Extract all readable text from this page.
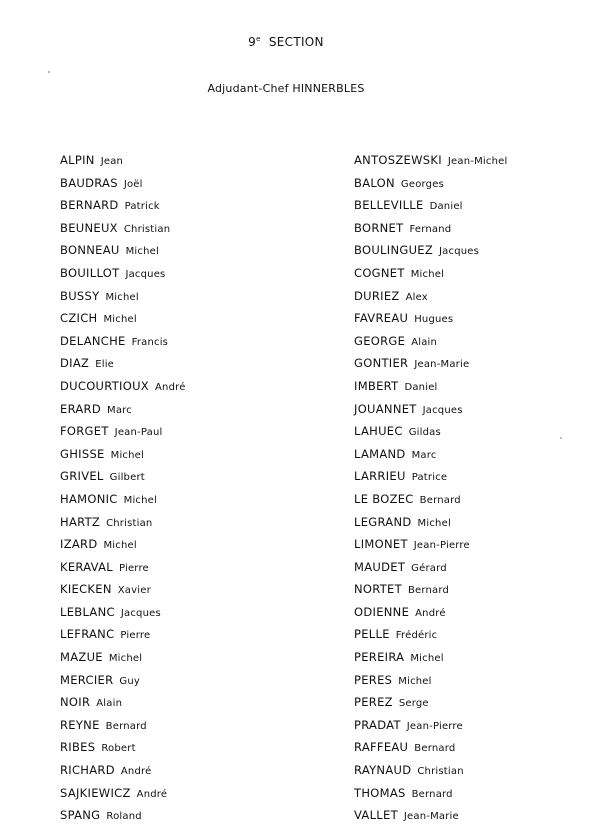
9e SECTION
Adjudant-Chef HINNERBLES
ALPIN Jean
BAUDRAS Joël
BERNARD Patrick
BEUNEUX Christian
BONNEAU Michel
BOUILLOT Jacques
BUSSY Michel
CZICH Michel
DELANCHE Francis
DIAZ Elie
DUCOURTIOUX André
ERARD Marc
FORGET Jean-Paul
GHISSE Michel
GRIVEL Gilbert
HAMONIC Michel
HARTZ Christian
IZARD Michel
KERAVAL Pierre
KIECKEN Xavier
LEBLANC Jacques
LEFRANC Pierre
MAZUE Michel
MERCIER Guy
NOIR Alain
REYNE Bernard
RIBES Robert
RICHARD André
SAJKIEWICZ André
SPANG Roland
ANTOSZEWSKI Jean-Michel
BALON Georges
BELLEVILLE Daniel
BORNET Fernand
BOULINGUEZ Jacques
COGNET Michel
DURIEZ Alex
FAVREAU Hugues
GEORGE Alain
GONTIER Jean-Marie
IMBERT Daniel
JOUANNET Jacques
LAHUEC Gildas
LAMAND Marc
LARRIEU Patrice
LE BOZEC Bernard
LEGRAND Michel
LIMONET Jean-Pierre
MAUDET Gérard
NORTET Bernard
ODIENNE André
PELLE Frédéric
PEREIRA Michel
PERES Michel
PEREZ Serge
PRADAT Jean-Pierre
RAFFEAU Bernard
RAYNAUD Christian
THOMAS Bernard
VALLET Jean-Marie
